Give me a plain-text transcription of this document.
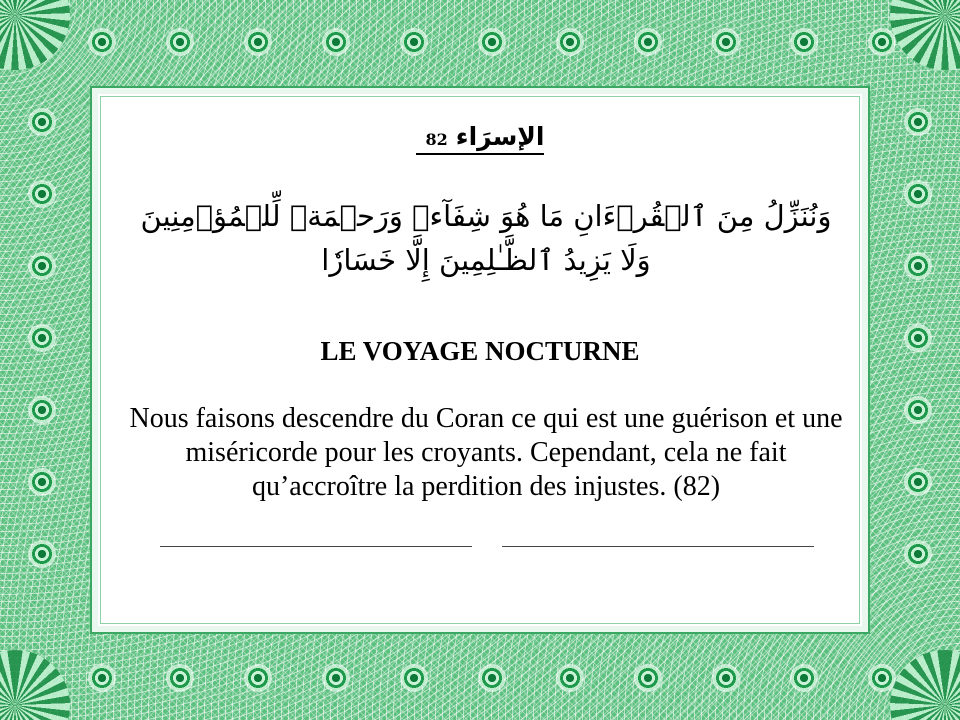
الإسرَاء82
وَنُنَزِّلُ مِنَ ٱلۡقُرۡءَانِ مَا هُوَ شِفَآءٞ وَرَحۡمَةٞ لِّلۡمُؤۡمِنِينَ وَلَا يَزِيدُ ٱلظَّـٰلِمِينَ إِلَّا خَسَارٗا
LE VOYAGE NOCTURNE
Nous faisons descendre du Coran ce qui est une guérison et une miséricorde pour les croyants. Cependant, cela ne fait qu’accroître la perdition des injustes. (82)
